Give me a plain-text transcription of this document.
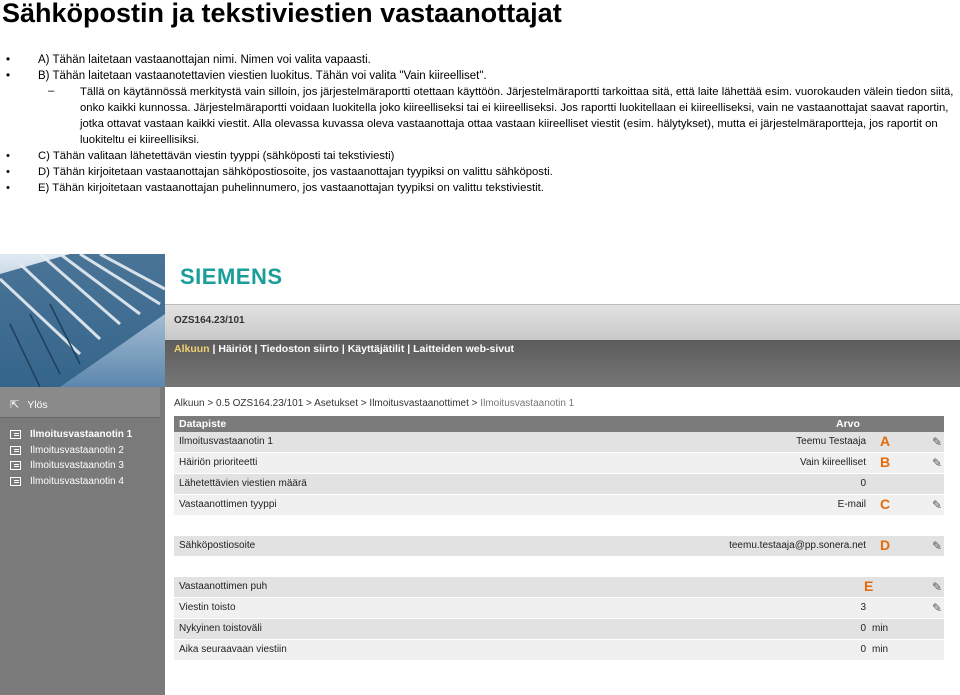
Sähköpostin ja tekstiviestien vastaanottajat
• A) Tähän laitetaan vastaanottajan nimi. Nimen voi valita vapaasti.
• B) Tähän laitetaan vastaanotettavien viestien luokitus. Tähän voi valita "Vain kiireelliset".
– Tällä on käytännössä merkitystä vain silloin, jos järjestelmäraportti otettaan käyttöön. Järjestelmäraportti tarkoittaa sitä, että laite lähettää esim. vuorokauden välein tiedon siitä, onko kaikki kunnossa. Järjestelmäraportti voidaan luokitella joko kiireelliseksi tai ei kiireelliseksi. Jos raportti luokitellaan ei kiireelliseksi, vain ne vastaanottajat saavat raportin, jotka ottavat vastaan kaikki viestit. Alla olevassa kuvassa oleva vastaanottaja ottaa vastaan kiireelliset viestit (esim. hälytykset), mutta ei järjestelmäraportteja, jos raportit on luokiteltu ei kiireellisiksi.
• C) Tähän valitaan lähetettävän viestin tyyppi (sähköposti tai tekstiviesti)
• D) Tähän kirjoitetaan vastaanottajan sähköpostiosoite, jos vastaanottajan tyypiksi on valittu sähköposti.
• E) Tähän kirjoitetaan vastaanottajan puhelinnumero, jos vastaanottajan tyypiksi on valittu tekstiviestit.
SIEMENS
OZS164.23/101
Alkuun | Häiriöt | Tiedoston siirto | Käyttäjätilit | Laitteiden web-sivut
⇱ Ylös
Ilmoitusvastaanotin 1
Ilmoitusvastaanotin 2
Ilmoitusvastaanotin 3
Ilmoitusvastaanotin 4
Alkuun > 0.5 OZS164.23/101 > Asetukset > Ilmoitusvastaanottimet > Ilmoitusvastaanotin 1
Datapiste	Arvo
Ilmoitusvastaanotin 1	Teemu Testaaja A	✎
Häiriön prioriteetti	Vain kiireelliset B	✎
Lähetettävien viestien määrä	0
Vastaanottimen tyyppi	E-mail C	✎
Sähköpostiosoite	teemu.testaaja@pp.sonera.net D	✎
Vastaanottimen puh	E	✎
Viestin toisto	3	✎
Nykyinen toistoväli	0 min
Aika seuraavaan viestiin	0 min
